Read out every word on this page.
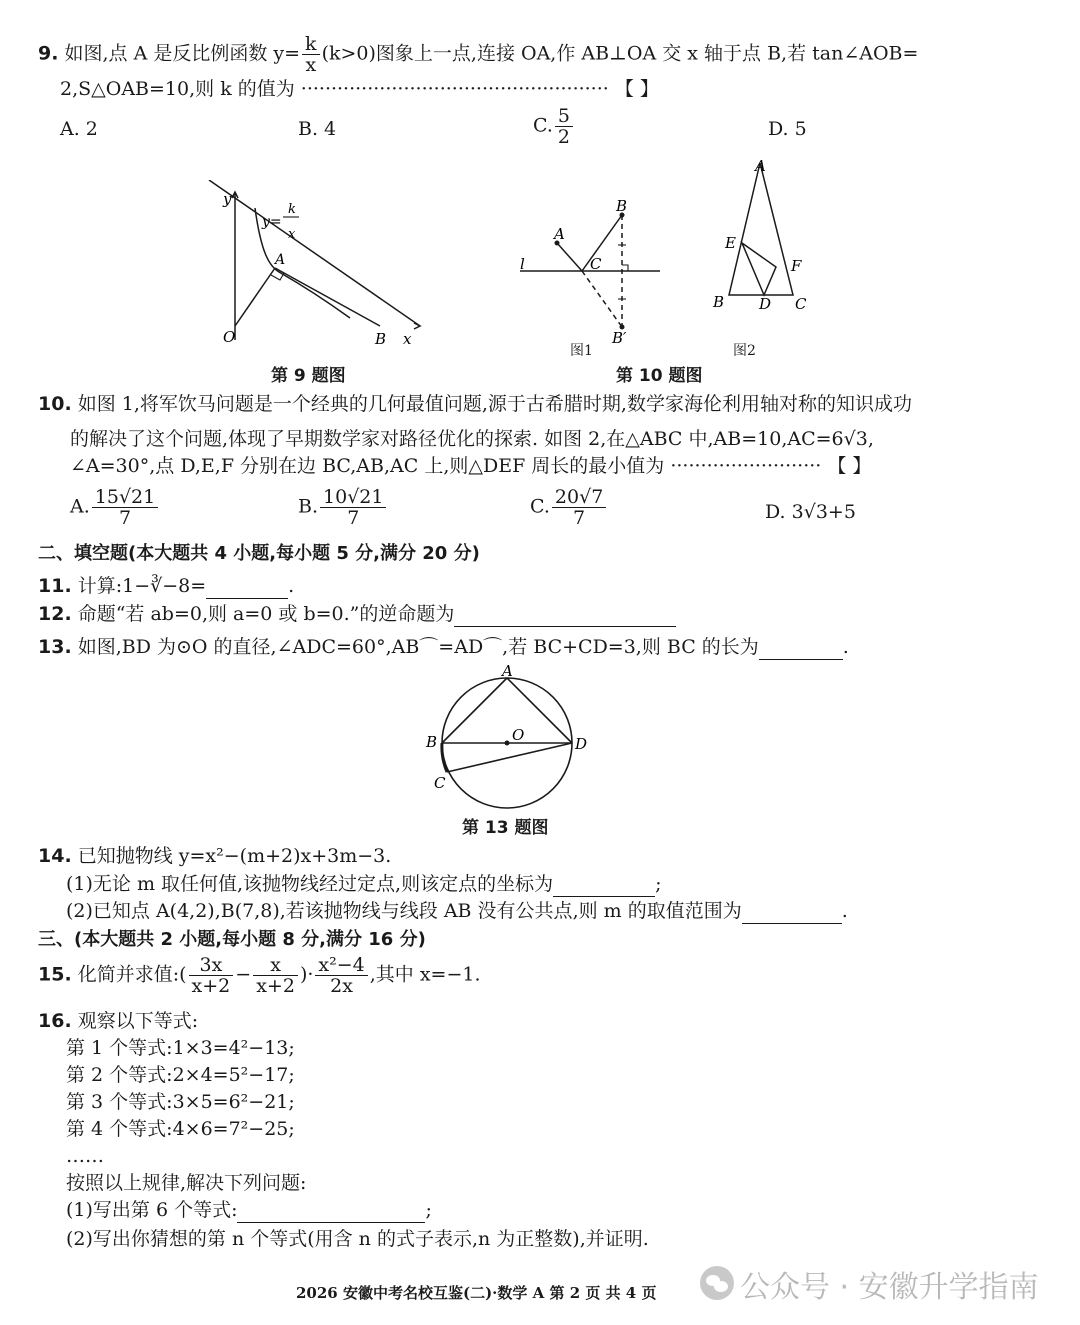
9. 如图,点 A 是反比例函数 $y= \frac{k}{x} (k>0)$图象上一点,连接 OA,作 AB⊥OA 交 x 轴于点 B,若 tan∠AOB=
2,S△OAB=10,则 k 的值为 ··················································· 【 】
A. 2	B. 4	C. $\frac{5}{2}$	D. 5
y
x
O
A
B
y=
k
x
第 9 题图
l
A
B
C
B′
图1
A
B	C
D
E
F
图2
第 10 题图
10. 如图 1,将军饮马问题是一个经典的几何最值问题,源于古希腊时期,数学家海伦利用轴对称的知识成功
的解决了这个问题,体现了早期数学家对路径优化的探索. 如图 2,在△ABC 中,AB=10,AC=6√3,
∠A=30°,点 D,E,F 分别在边 BC,AB,AC 上,则△DEF 周长的最小值为 ························· 【 】
A. $\frac{15√21}{7}$	B. $\frac{10√21}{7}$	C. $\frac{20√7}{7}$	D. 3√3+5
二、填空题(本大题共 4 小题,每小题 5 分,满分 20 分)
11. 计算:1−∛−8=	.
12. 命题“若 ab=0,则 a=0 或 b=0.”的逆命题为
13. 如图,BD 为⊙O 的直径,∠ADC=60°,AB⌒=AD⌒,若 BC+CD=3,则 BC 的长为	.
A
B
C
D
O
第 13 题图
14. 已知抛物线 y=x²−(m+2)x+3m−3.
(1)无论 m 取任何值,该抛物线经过定点,则该定点的坐标为	;
(2)已知点 A(4,2),B(7,8),若该抛物线与线段 AB 没有公共点,则 m 的取值范围为	.
三、(本大题共 2 小题,每小题 8 分,满分 16 分)
15. 化简并求值:( $\frac{3x}{x+2} - \frac{x}{x+2}$ )· $\frac{\text{x²−4}}{2x}$ ,其中 x=−1.
16. 观察以下等式:
第 1 个等式:1×3=4²−13;
第 2 个等式:2×4=5²−17;
第 3 个等式:3×5=6²−21;
第 4 个等式:4×6=7²−25;
……
按照以上规律,解决下列问题:
(1)写出第 6 个等式:	;
(2)写出你猜想的第 n 个等式(用含 n 的式子表示,n 为正整数),并证明.
2026 安徽中考名校互鉴(二)·数学 A 第 2 页 共 4 页	公众号 · 安徽升学指南
